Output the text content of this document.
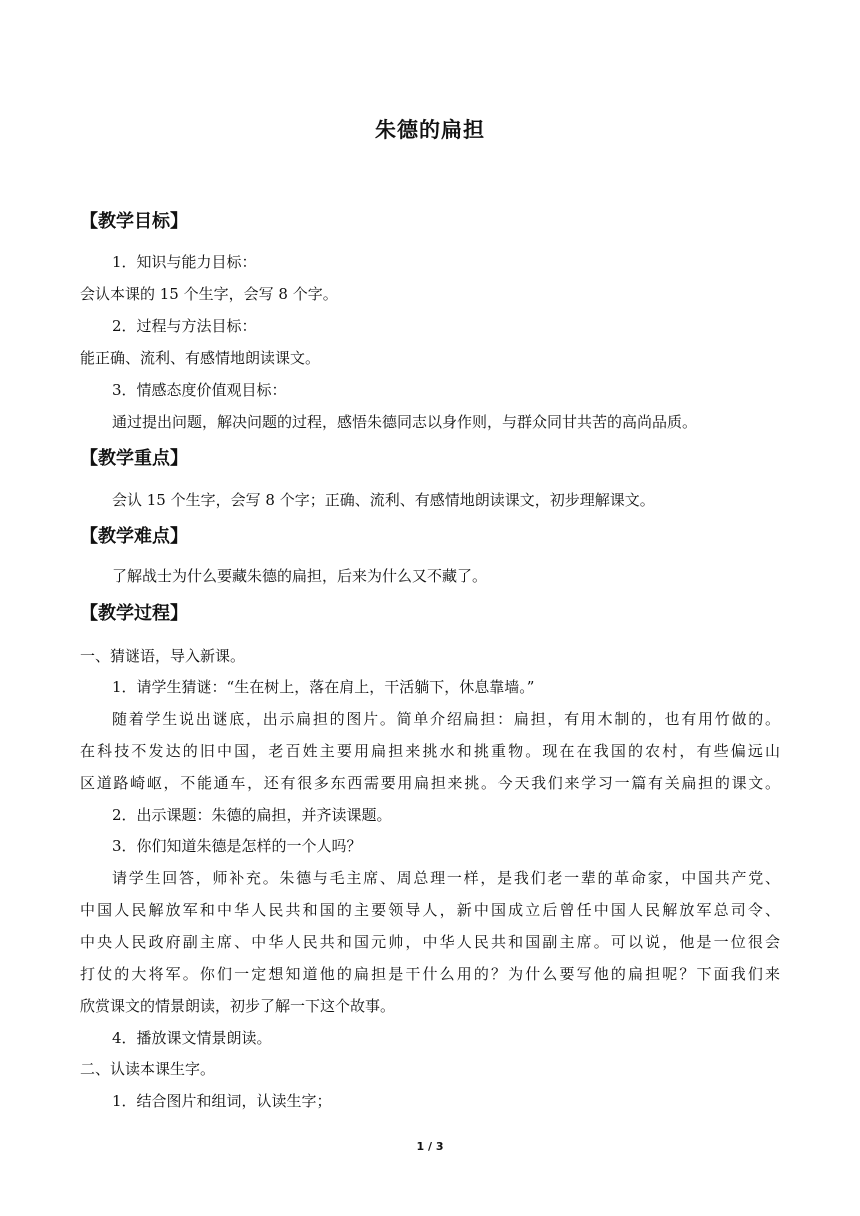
朱德的扁担
【教学目标】
1．知识与能力目标：
会认本课的 15 个生字，会写 8 个字。
2．过程与方法目标：
能正确、流利、有感情地朗读课文。
3．情感态度价值观目标：
通过提出问题，解决问题的过程，感悟朱德同志以身作则，与群众同甘共苦的高尚品质。
【教学重点】
会认 15 个生字，会写 8 个字；正确、流利、有感情地朗读课文，初步理解课文。
【教学难点】
了解战士为什么要藏朱德的扁担，后来为什么又不藏了。
【教学过程】
一、猜谜语，导入新课。
1．请学生猜谜：“生在树上，落在肩上，干活躺下，休息靠墙。”
随着学生说出谜底，出示扁担的图片。简单介绍扁担：扁担，有用木制的，也有用竹做的。
在科技不发达的旧中国，老百姓主要用扁担来挑水和挑重物。现在在我国的农村，有些偏远山
区道路崎岖，不能通车，还有很多东西需要用扁担来挑。今天我们来学习一篇有关扁担的课文。
2．出示课题：朱德的扁担，并齐读课题。
3．你们知道朱德是怎样的一个人吗？
请学生回答，师补充。朱德与毛主席、周总理一样，是我们老一辈的革命家，中国共产党、
中国人民解放军和中华人民共和国的主要领导人，新中国成立后曾任中国人民解放军总司令、
中央人民政府副主席、中华人民共和国元帅，中华人民共和国副主席。可以说，他是一位很会
打仗的大将军。你们一定想知道他的扁担是干什么用的？为什么要写他的扁担呢？下面我们来
欣赏课文的情景朗读，初步了解一下这个故事。
4．播放课文情景朗读。
二、认读本课生字。
1．结合图片和组词，认读生字；
1 / 3
